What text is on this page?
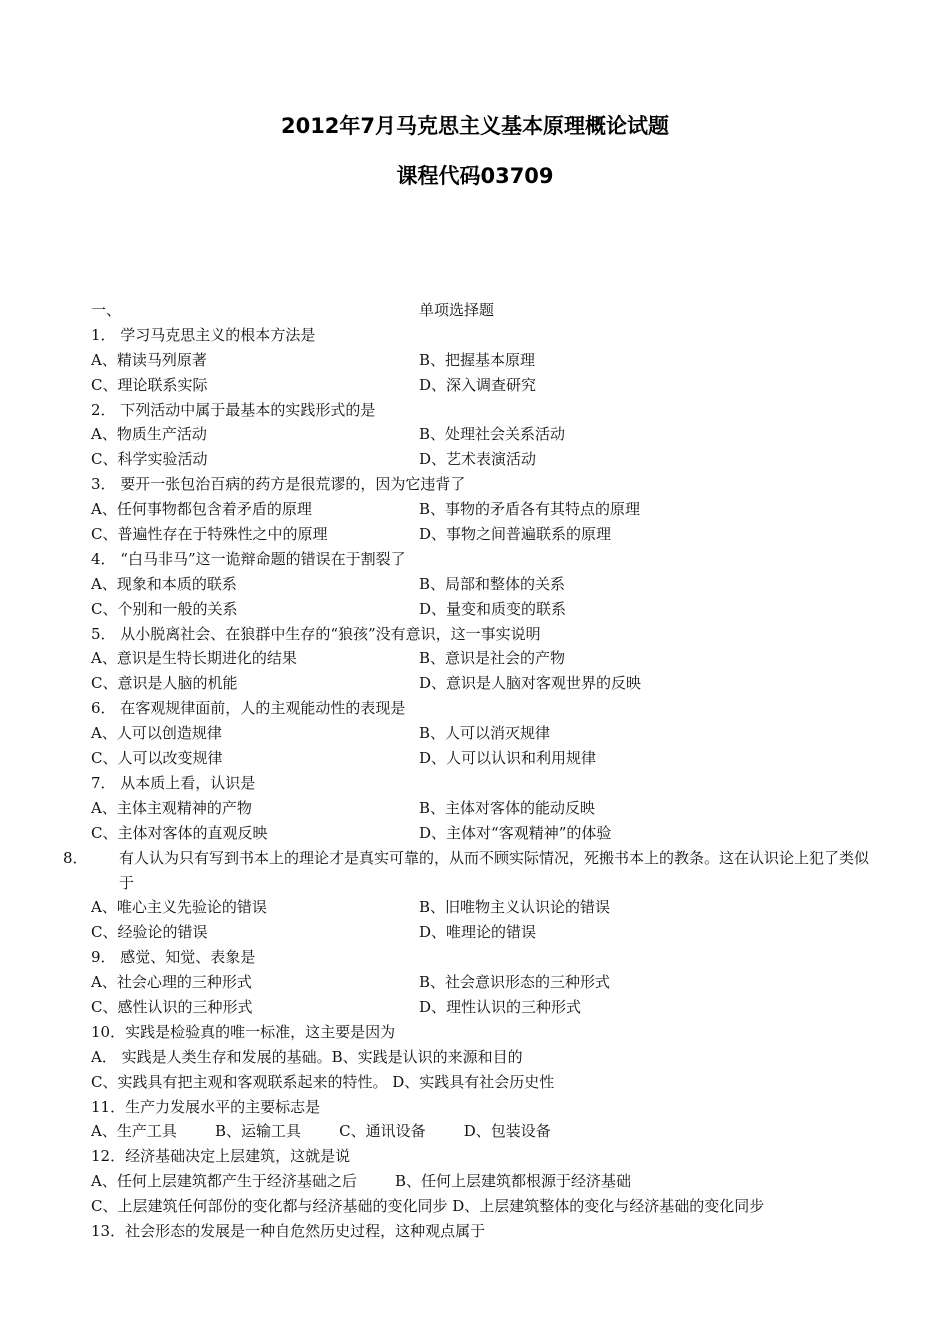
2012年7月马克思主义基本原理概论试题
课程代码03709
一、	单项选择题
1． 学习马克思主义的根本方法是
A、精读马列原著	B、把握基本原理
C、理论联系实际	D、深入调查研究
2． 下列活动中属于最基本的实践形式的是
A、物质生产活动	B、处理社会关系活动
C、科学实验活动	D、艺术表演活动
3． 要开一张包治百病的药方是很荒谬的，因为它违背了
A、任何事物都包含着矛盾的原理	B、事物的矛盾各有其特点的原理
C、普遍性存在于特殊性之中的原理	D、事物之间普遍联系的原理
4． “白马非马”这一诡辩命题的错误在于割裂了
A、现象和本质的联系	B、局部和整体的关系
C、个别和一般的关系	D、量变和质变的联系
5． 从小脱离社会、在狼群中生存的“狼孩”没有意识，这一事实说明
A、意识是生特长期进化的结果	B、意识是社会的产物
C、意识是人脑的机能	D、意识是人脑对客观世界的反映
6． 在客观规律面前，人的主观能动性的表现是
A、人可以创造规律	B、人可以消灭规律
C、人可以改变规律	D、人可以认识和利用规律
7． 从本质上看，认识是
A、主体主观精神的产物	B、主体对客体的能动反映
C、主体对客体的直观反映	D、主体对“客观精神”的体验
8． 有人认为只有写到书本上的理论才是真实可靠的，从而不顾实际情况，死搬书本上的教条。这在认识论上犯了类似于
A、唯心主义先验论的错误	B、旧唯物主义认识论的错误
C、经验论的错误	D、唯理论的错误
9． 感觉、知觉、表象是
A、社会心理的三种形式	B、社会意识形态的三种形式
C、感性认识的三种形式	D、理性认识的三种形式
10．实践是检验真的唯一标准，这主要是因为
A． 实践是人类生存和发展的基础。B、实践是认识的来源和目的
C、实践具有把主观和客观联系起来的特性。 D、实践具有社会历史性
11．生产力发展水平的主要标志是
A、生产工具        B、运输工具        C、通讯设备        D、包装设备
12．经济基础决定上层建筑，这就是说
A、任何上层建筑都产生于经济基础之后        B、任何上层建筑都根源于经济基础
C、上层建筑任何部份的变化都与经济基础的变化同步 D、上层建筑整体的变化与经济基础的变化同步
13．社会形态的发展是一种自危然历史过程，这种观点属于
